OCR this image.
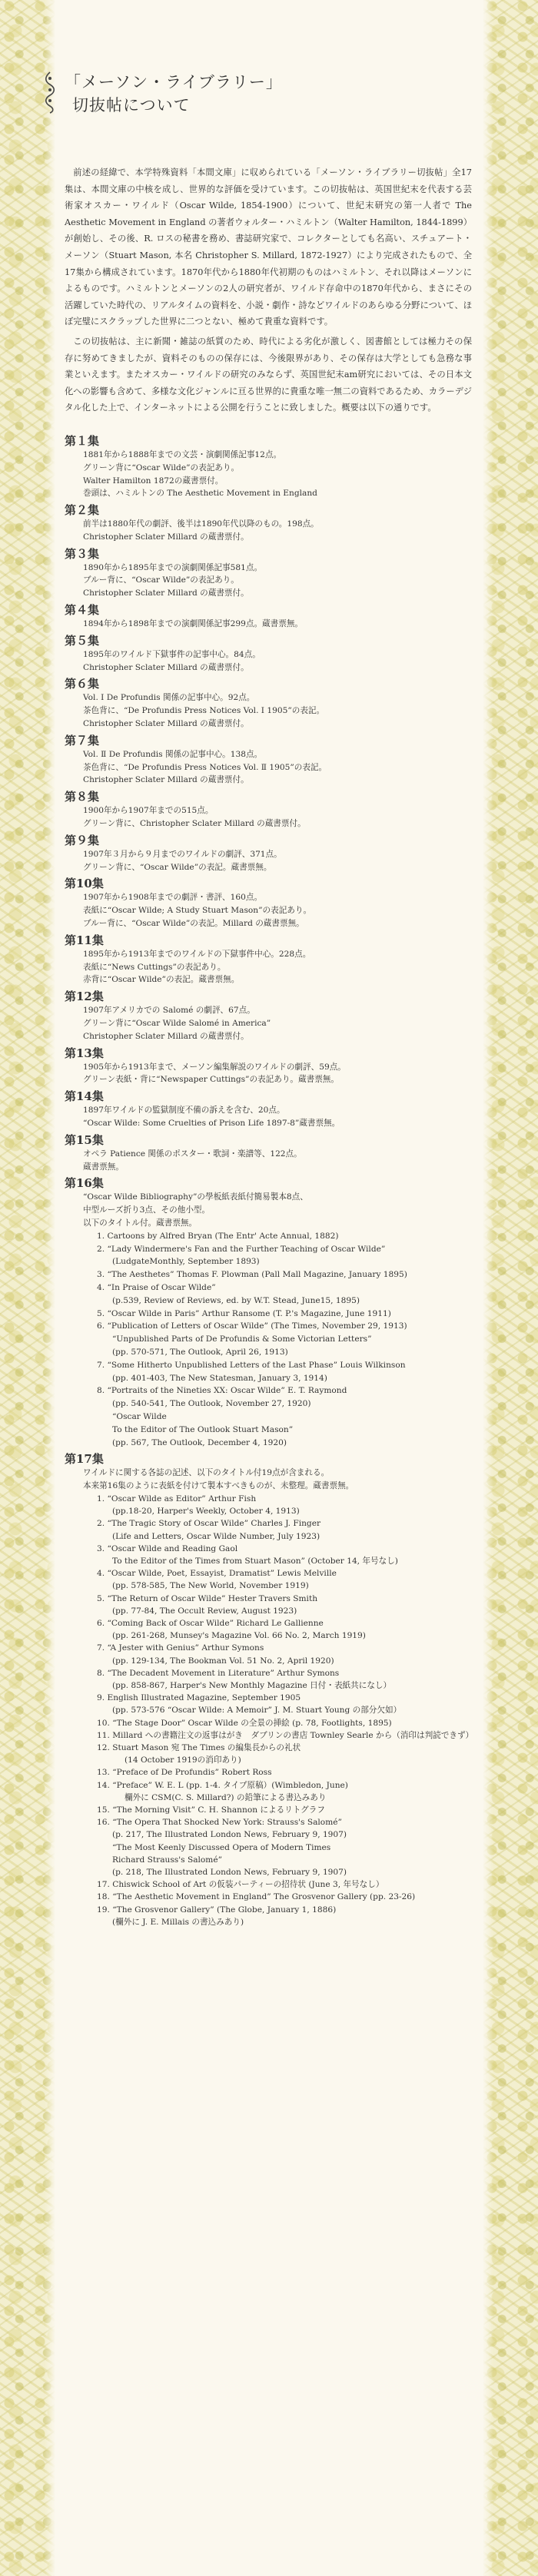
「メーソン・ライブラリー」
切抜帖について

前述の経緯で、本学特殊資料「本間文庫」に収められている「メーソン・ライブラリー切抜帖」全17集は、本間文庫の中核を成し、世界的な評価を受けています。この切抜帖は、英国世紀末を代表する芸術家オスカー・ワイルド（Oscar Wilde, 1854-1900）について、世紀末研究の第一人者で The Aesthetic Movement in England の著者ウォルター・ハミルトン（Walter Hamilton, 1844-1899）が創始し、その後、R. ロスの秘書を務め、書誌研究家で、コレクターとしても名高い、スチュアート・メーソン（Stuart Mason, 本名 Christopher S. Millard, 1872-1927）により完成されたもので、全17集から構成されています。1870年代から1880年代初期のものはハミルトン、それ以降はメーソンによるものです。ハミルトンとメーソンの2人の研究者が、ワイルド存命中の1870年代から、まさにその活躍していた時代の、リアルタイムの資料を、小説・劇作・詩などワイルドのあらゆる分野について、ほぼ完璧にスクラップした世界に二つとない、極めて貴重な資料です。

この切抜帖は、主に新聞・雑誌の紙質のため、時代による劣化が激しく、図書館としては極力その保存に努めてきましたが、資料そのものの保存には、今後限界があり、その保存は大学としても急務な事業といえます。またオスカー・ワイルドの研究のみならず、英国世紀末am研究においては、その日本文化への影響も含めて、多様な文化ジャンルに亘る世界的に貴重な唯一無二の資料であるため、カラーデジタル化した上で、インターネットによる公開を行うことに致しました。概要は以下の通りです。

第１集
1881年から1888年までの文芸・演劇関係記事12点。
グリーン背に“Oscar Wilde”の表記あり。
Walter Hamilton 1872の蔵書票付。
巻頭は、ハミルトンの The Aesthetic Movement in England
第２集
前半は1880年代の劇評、後半は1890年代以降のもの。198点。
Christopher Sclater Millard の蔵書票付。
第３集
1890年から1895年までの演劇関係記事581点。
ブルー背に、“Oscar Wilde”の表記あり。
Christopher Sclater Millard の蔵書票付。
第４集
1894年から1898年までの演劇関係記事299点。蔵書票無。
第５集
1895年のワイルド下獄事件の記事中心。84点。
Christopher Sclater Millard の蔵書票付。
第６集
Vol. Ⅰ De Profundis 関係の記事中心。92点。
茶色背に、“De Profundis Press Notices Vol. Ⅰ 1905”の表記。
Christopher Sclater Millard の蔵書票付。
第７集
Vol. Ⅱ De Profundis 関係の記事中心。138点。
茶色背に、“De Profundis Press Notices Vol. Ⅱ 1905”の表記。
Christopher Sclater Millard の蔵書票付。
第８集
1900年から1907年までの515点。
グリーン背に、Christopher Sclater Millard の蔵書票付。
第９集
1907年３月から９月までのワイルドの劇評、371点。
グリーン背に、“Oscar Wilde”の表記。蔵書票無。
第10集
1907年から1908年までの劇評・書評、160点。
表紙に“Oscar Wilde; A Study Stuart Mason”の表記あり。
ブルー背に、“Oscar Wilde”の表記。Millard の蔵書票無。
第11集
1895年から1913年までのワイルドの下獄事件中心。228点。
表紙に“News Cuttings”の表記あり。
赤背に“Oscar Wilde”の表記。蔵書票無。
第12集
1907年アメリカでの Salomé の劇評、67点。
グリーン背に“Oscar Wilde Salomé in America”
Christopher Sclater Millard の蔵書票付。
第13集
1905年から1913年まで、メーソン編集解説のワイルドの劇評、59点。
グリーン表紙・背に“Newspaper Cuttings”の表記あり。蔵書票無。
第14集
1897年ワイルドの監獄制度不備の訴えを含む、20点。
“Oscar Wilde: Some Cruelties of Prison Life 1897-8”蔵書票無。
第15集
オペラ Patience 関係のポスター・歌詞・楽譜等、122点。
蔵書票無。
第16集
“Oscar Wilde Bibliography”の學板紙表紙付簡易製本8点、
中型ルーズ折り3点、その他小型。
以下のタイトル付。蔵書票無。
1. Cartoons by Alfred Bryan (The Entr' Acte Annual, 1882)
2. “Lady Windermere's Fan and the Further Teaching of Oscar Wilde”
(LudgateMonthly, September 1893)
3. “The Aesthetes” Thomas F. Plowman (Pall Mall Magazine, January 1895)
4. “In Praise of Oscar Wilde”
(p.539, Review of Reviews, ed. by W.T. Stead, June15, 1895)
5. “Oscar Wilde in Paris” Arthur Ransome (T. P.'s Magazine, June 1911)
6. “Publication of Letters of Oscar Wilde” (The Times, November 29, 1913)
“Unpublished Parts of De Profundis & Some Victorian Letters”
(pp. 570-571, The Outlook, April 26, 1913)
7. “Some Hitherto Unpublished Letters of the Last Phase” Louis Wilkinson
(pp. 401-403, The New Statesman, January 3, 1914)
8. “Portraits of the Nineties XX: Oscar Wilde” E. T. Raymond
(pp. 540-541, The Outlook, November 27, 1920)
“Oscar Wilde
To the Editor of The Outlook Stuart Mason”
(pp. 567, The Outlook, December 4, 1920)
第17集
ワイルドに関する各誌の記述、以下のタイトル付19点が含まれる。
本来第16集のように表紙を付けて製本すべきものが、未整理。蔵書票無。
1. “Oscar Wilde as Editor” Arthur Fish
(pp.18-20, Harper's Weekly, October 4, 1913)
2. “The Tragic Story of Oscar Wilde” Charles J. Finger
(Life and Letters, Oscar Wilde Number, July 1923)
3. “Oscar Wilde and Reading Gaol
To the Editor of the Times from Stuart Mason” (October 14, 年号なし)
4. “Oscar Wilde, Poet, Essayist, Dramatist” Lewis Melville
(pp. 578-585, The New World, November 1919)
5. “The Return of Oscar Wilde” Hester Travers Smith
(pp. 77-84, The Occult Review, August 1923)
6. “Coming Back of Oscar Wilde” Richard Le Gallienne
(pp. 261-268, Munsey's Magazine Vol. 66 No. 2, March 1919)
7. “A Jester with Genius” Arthur Symons
(pp. 129-134, The Bookman Vol. 51 No. 2, April 1920)
8. “The Decadent Movement in Literature” Arthur Symons
(pp. 858-867, Harper's New Monthly Magazine 日付・表紙共になし）
9. English Illustrated Magazine, September 1905
(pp. 573-576 “Oscar Wilde: A Memoir” J. M. Stuart Young の部分欠如）
10. “The Stage Door” Oscar Wilde の全景の挿絵 (p. 78, Footlights, 1895)
11. Millard への書籍注文の返事はがき　ダブリンの書店 Townley Searle から（消印は判読できず）
12. Stuart Mason 宛 The Times の編集長からの礼状
(14 October 1919の消印あり)
13. “Preface of De Profundis” Robert Ross
14. “Preface” W. E. L (pp. 1-4. タイプ原稿）(Wimbledon, June)
欄外に CSM(C. S. Millard?) の鉛筆による書込みあり
15. “The Morning Visit” C. H. Shannon によるリトグラフ
16. “The Opera That Shocked New York: Strauss's Salomé”
(p. 217, The Illustrated London News, February 9, 1907)
“The Most Keenly Discussed Opera of Modern Times
Richard Strauss's Salomé”
(p. 218, The Illustrated London News, February 9, 1907)
17. Chiswick School of Art の仮装パーティーの招待状 (June 3, 年号なし）
18. “The Aesthetic Movement in England” The Grosvenor Gallery (pp. 23-26)
19. “The Grosvenor Gallery” (The Globe, January 1, 1886)
(欄外に J. E. Millais の書込みあり)
